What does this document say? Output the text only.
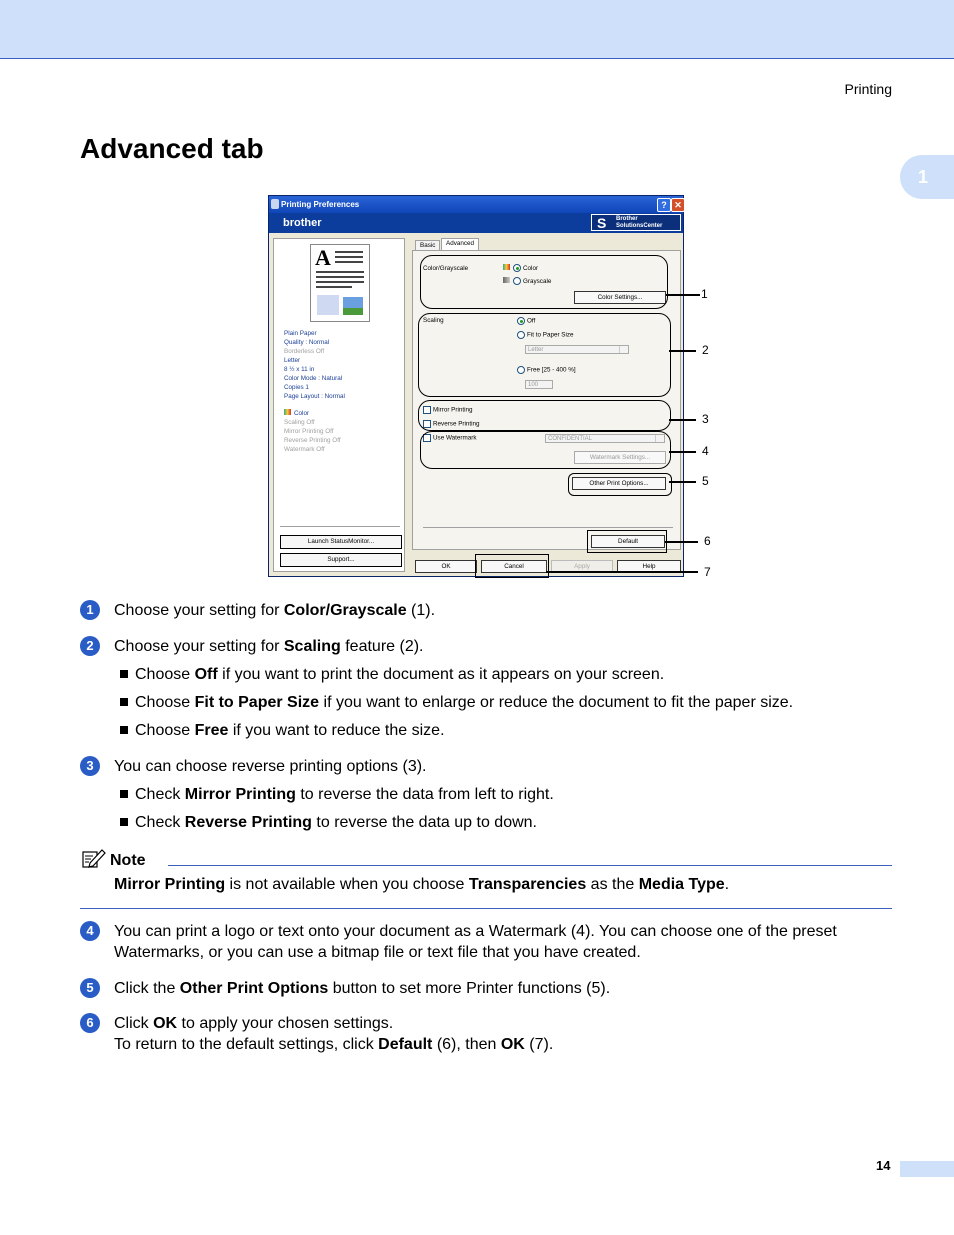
Printing
1
Advanced tab
Printing Preferences	? ✕
brother	S Brother
SolutionsCenter
A
Plain Paper
Quality : Normal
Borderless Off
Letter
8 ½ x 11 in
Color Mode : Natural
Copies 1
Page Layout : Normal
Color
Scaling Off
Mirror Printing Off
Reverse Printing Off
Watermark Off
Launch StatusMonitor...
Support...
Basic	Advanced
Color/Grayscale	Color
Grayscale
Color Settings...
Scaling	Off
Fit to Paper Size
Letter
Free [25 - 400 %]
100
Mirror Printing
Reverse Printing
Use Watermark	CONFIDENTIAL
Watermark Settings...
Other Print Options...
Default
OK	Cancel	Apply	Help
1
2
3
4
5
6
7
1	Choose your setting for Color/Grayscale (1).
2	Choose your setting for Scaling feature (2).
Choose Off if you want to print the document as it appears on your screen.
Choose Fit to Paper Size if you want to enlarge or reduce the document to fit the paper size.
Choose Free if you want to reduce the size.
3	You can choose reverse printing options (3).
Check Mirror Printing to reverse the data from left to right.
Check Reverse Printing to reverse the data up to down.
Note
Mirror Printing is not available when you choose Transparencies as the Media Type.
4	You can print a logo or text onto your document as a Watermark (4). You can choose one of the preset Watermarks, or you can use a bitmap file or text file that you have created.
5	Click the Other Print Options button to set more Printer functions (5).
6	Click OK to apply your chosen settings.
To return to the default settings, click Default (6), then OK (7).
14
